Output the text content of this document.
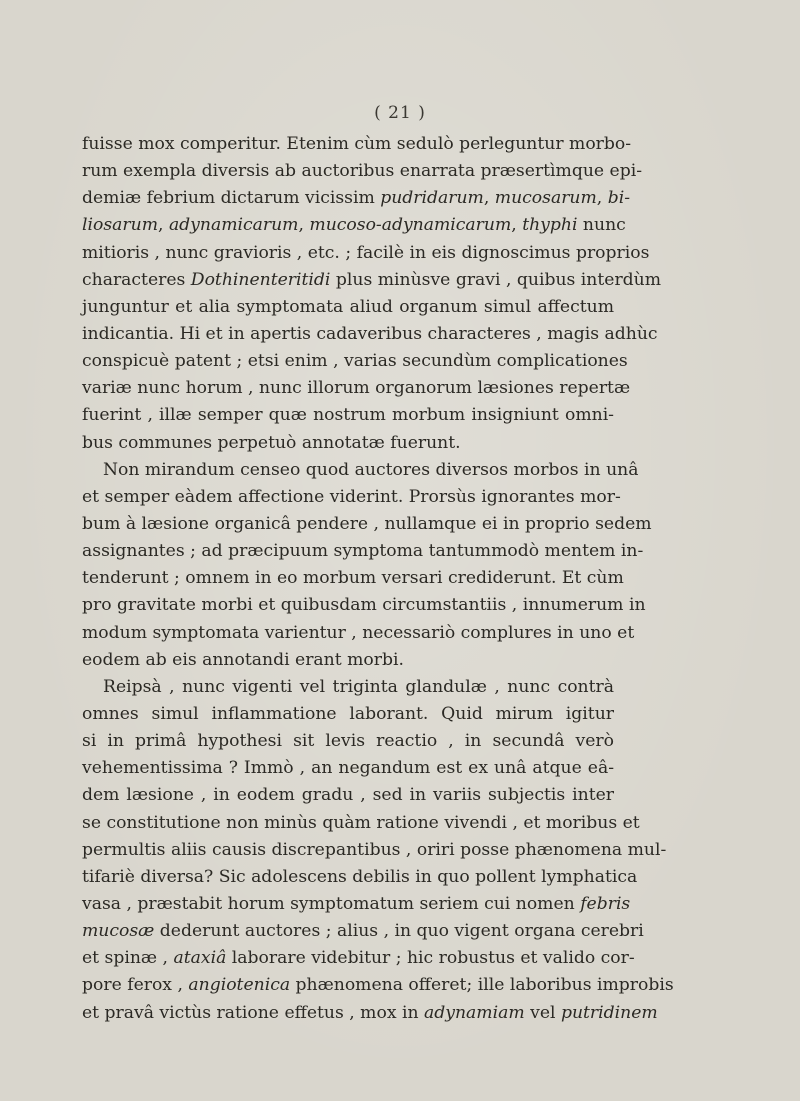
( 21 )
fuisse mox comperitur. Etenim cùm sedulò perleguntur morbo-
rum exempla diversis ab auctoribus enarrata præsertìmque epi-
demiæ febrium dictarum vicissim pudridarum, mucosarum, bi-
liosarum, adynamicarum, mucoso-adynamicarum, thyphi nunc
mitioris , nunc gravioris , etc. ; facilè in eis dignoscimus proprios
characteres Dothinenteritidi plus minùsve gravi , quibus interdùm
junguntur et alia symptomata aliud organum simul affectum
indicantia. Hi et in apertis cadaveribus characteres , magis adhùc
conspicuè patent ; etsi enim , varias secundùm complicationes
variæ nunc horum , nunc illorum organorum læsiones repertæ
fuerint , illæ semper quæ nostrum morbum insigniunt omni-
bus communes perpetuò annotatæ fuerunt.
Non mirandum censeo quod auctores diversos morbos in unâ
et semper eàdem affectione viderint. Prorsùs ignorantes mor-
bum à læsione organicâ pendere , nullamque ei in proprio sedem
assignantes ; ad præcipuum symptoma tantummodò mentem in-
tenderunt ; omnem in eo morbum versari crediderunt. Et cùm
pro gravitate morbi et quibusdam circumstantiis , innumerum in
modum symptomata varientur , necessariò complures in uno et
eodem ab eis annotandi erant morbi.
Reipsà , nunc vigenti vel triginta glandulæ , nunc contrà
omnes simul inflammatione laborant. Quid mirum igitur
si in primâ hypothesi sit levis reactio , in secundâ verò
vehementissima ? Immò , an negandum est ex unâ atque eâ-
dem læsione , in eodem gradu , sed in variis subjectis inter
se constitutione non minùs quàm ratione vivendi , et moribus et
permultis aliis causis discrepantibus , oriri posse phænomena mul-
tifariè diversa? Sic adolescens debilis in quo pollent lymphatica
vasa , præstabit horum symptomatum seriem cui nomen febris
mucosæ dederunt auctores ; alius , in quo vigent organa cerebri
et spinæ , ataxiâ laborare videbitur ; hic robustus et valido cor-
pore ferox , angiotenica phænomena offeret; ille laboribus improbis
et pravâ victùs ratione effetus , mox in adynamiam vel putridinem
